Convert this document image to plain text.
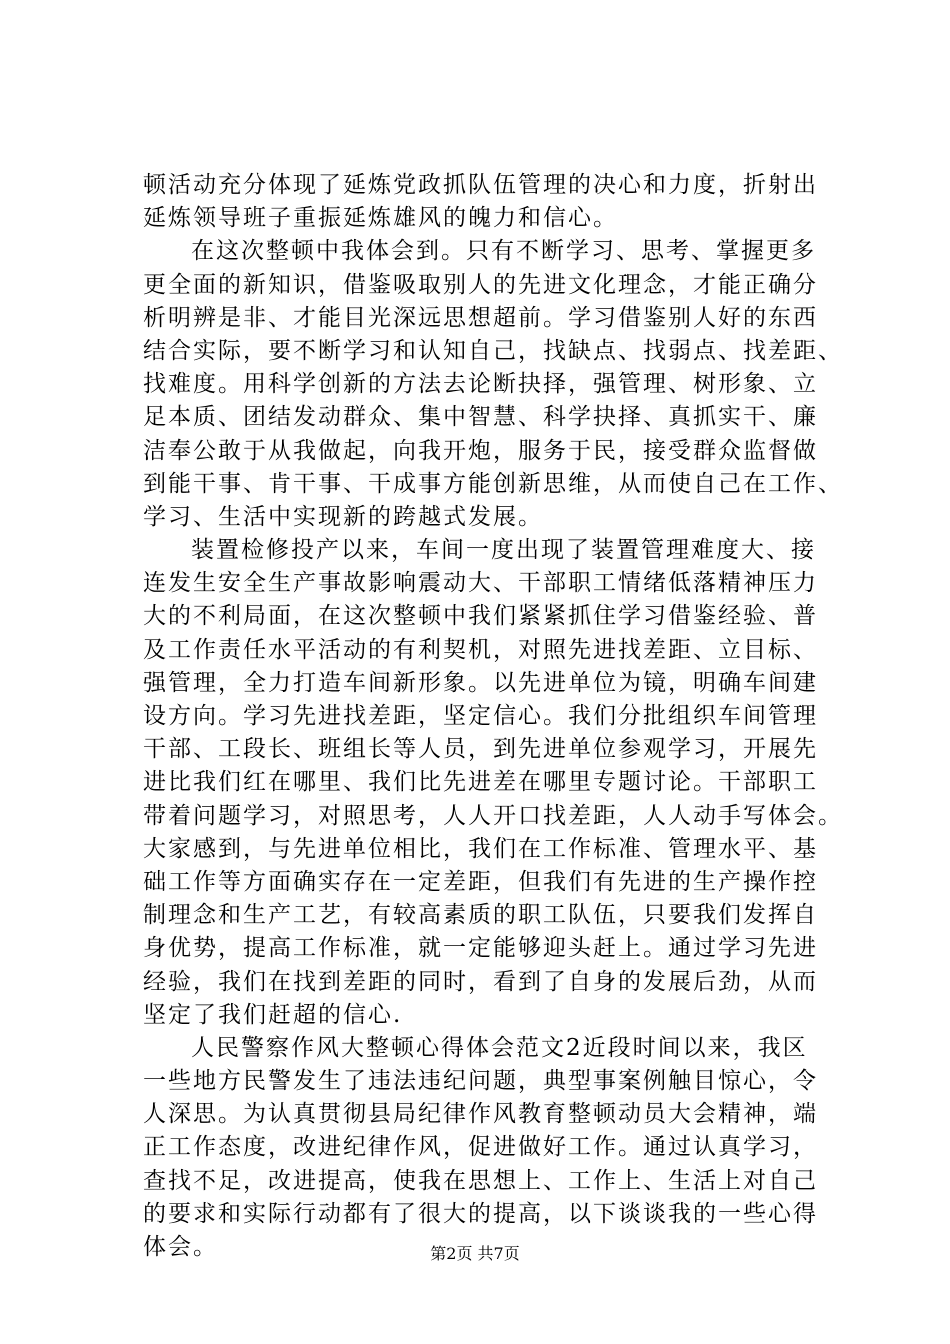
顿活动充分体现了延炼党政抓队伍管理的决心和力度，折射出
延炼领导班子重振延炼雄风的魄力和信心。
在这次整顿中我体会到。只有不断学习、思考、掌握更多
更全面的新知识，借鉴吸取别人的先进文化理念，才能正确分
析明辨是非、才能目光深远思想超前。学习借鉴别人好的东西
结合实际，要不断学习和认知自己，找缺点、找弱点、找差距、
找难度。用科学创新的方法去论断抉择，强管理、树形象、立
足本质、团结发动群众、集中智慧、科学抉择、真抓实干、廉
洁奉公敢于从我做起，向我开炮，服务于民，接受群众监督做
到能干事、肯干事、干成事方能创新思维，从而使自己在工作、
学习、生活中实现新的跨越式发展。
装置检修投产以来，车间一度出现了装置管理难度大、接
连发生安全生产事故影响震动大、干部职工情绪低落精神压力
大的不利局面，在这次整顿中我们紧紧抓住学习借鉴经验、普
及工作责任水平活动的有利契机，对照先进找差距、立目标、
强管理，全力打造车间新形象。以先进单位为镜，明确车间建
设方向。学习先进找差距，坚定信心。我们分批组织车间管理
干部、工段长、班组长等人员，到先进单位参观学习，开展先
进比我们红在哪里、我们比先进差在哪里专题讨论。干部职工
带着问题学习，对照思考，人人开口找差距，人人动手写体会。
大家感到，与先进单位相比，我们在工作标准、管理水平、基
础工作等方面确实存在一定差距，但我们有先进的生产操作控
制理念和生产工艺，有较高素质的职工队伍，只要我们发挥自
身优势，提高工作标准，就一定能够迎头赶上。通过学习先进
经验，我们在找到差距的同时，看到了自身的发展后劲，从而
坚定了我们赶超的信心.
人民警察作风大整顿心得体会范文2近段时间以来，我区
一些地方民警发生了违法违纪问题，典型事案例触目惊心，令
人深思。为认真贯彻县局纪律作风教育整顿动员大会精神，端
正工作态度，改进纪律作风，促进做好工作。通过认真学习，
查找不足，改进提高，使我在思想上、工作上、生活上对自己
的要求和实际行动都有了很大的提高，以下谈谈我的一些心得
体会。	第2页 共7页
